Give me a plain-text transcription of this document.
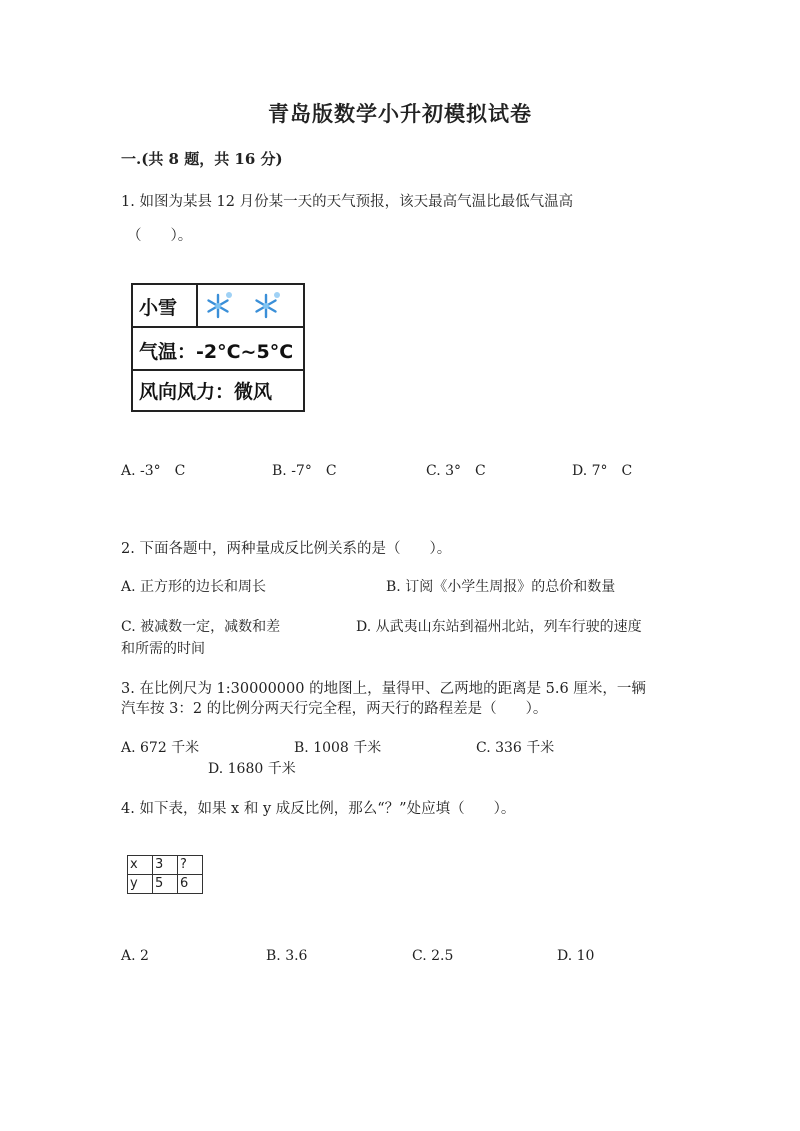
青岛版数学小升初模拟试卷
一.(共 8 题，共 16 分)
1. 如图为某县 12 月份某一天的天气预报，该天最高气温比最低气温高
（　　）。
小雪
气温：-2°C~5°C
风向风力：微风
A. -3°　C	B. -7°　C	C. 3°　C	D. 7°　C
2. 下面各题中，两种量成反比例关系的是（　　）。
A. 正方形的边长和周长	B. 订阅《小学生周报》的总价和数量
C. 被减数一定，减数和差	D. 从武夷山东站到福州北站，列车行驶的速度
和所需的时间
3. 在比例尺为 1:30000000 的地图上，量得甲、乙两地的距离是 5.6 厘米，一辆
汽车按 3：2 的比例分两天行完全程，两天行的路程差是（　　）。
A. 672 千米	B. 1008 千米	C. 336 千米
D. 1680 千米
4. 如下表，如果 x 和 y 成反比例，那么“？”处应填（　　）。
x	3	?
y	5	6
A. 2	B. 3.6	C. 2.5	D. 10
